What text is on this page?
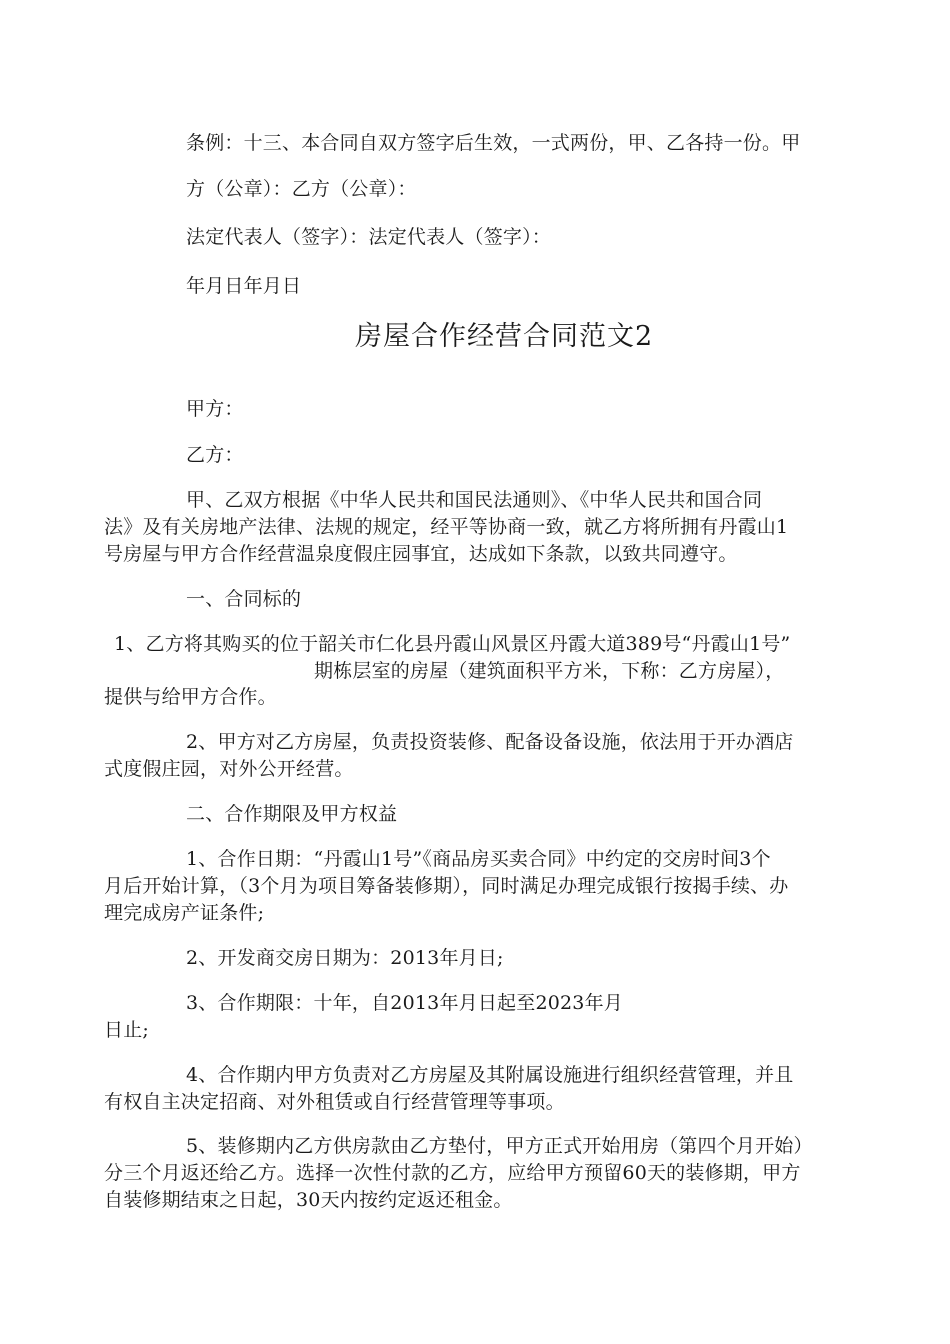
条例：十三、本合同自双方签字后生效，一式两份，甲、乙各持一份。甲
方（公章）：乙方（公章）：
法定代表人（签字）：法定代表人（签字）：
年月日年月日
房屋合作经营合同范文2
甲方：
乙方：
甲、乙双方根据《中华人民共和国民法通则》、《中华人民共和国合同
法》及有关房地产法律、法规的规定，经平等协商一致，就乙方将所拥有丹霞山1
号房屋与甲方合作经营温泉度假庄园事宜，达成如下条款，以致共同遵守。
一、合同标的
1、乙方将其购买的位于韶关市仁化县丹霞山风景区丹霞大道389号“丹霞山1号”
期栋层室的房屋（建筑面积平方米，下称：乙方房屋），
提供与给甲方合作。
2、甲方对乙方房屋，负责投资装修、配备设备设施，依法用于开办酒店
式度假庄园，对外公开经营。
二、合作期限及甲方权益
1、合作日期：“丹霞山1号”《商品房买卖合同》中约定的交房时间3个
月后开始计算，（3个月为项目筹备装修期），同时满足办理完成银行按揭手续、办
理完成房产证条件;
2、开发商交房日期为：2013年月日;
3、合作期限：十年，自2013年月日起至2023年月
日止;
4、合作期内甲方负责对乙方房屋及其附属设施进行组织经营管理，并且
有权自主决定招商、对外租赁或自行经营管理等事项。
5、装修期内乙方供房款由乙方垫付，甲方正式开始用房（第四个月开始）
分三个月返还给乙方。选择一次性付款的乙方，应给甲方预留60天的装修期，甲方
自装修期结束之日起，30天内按约定返还租金。
